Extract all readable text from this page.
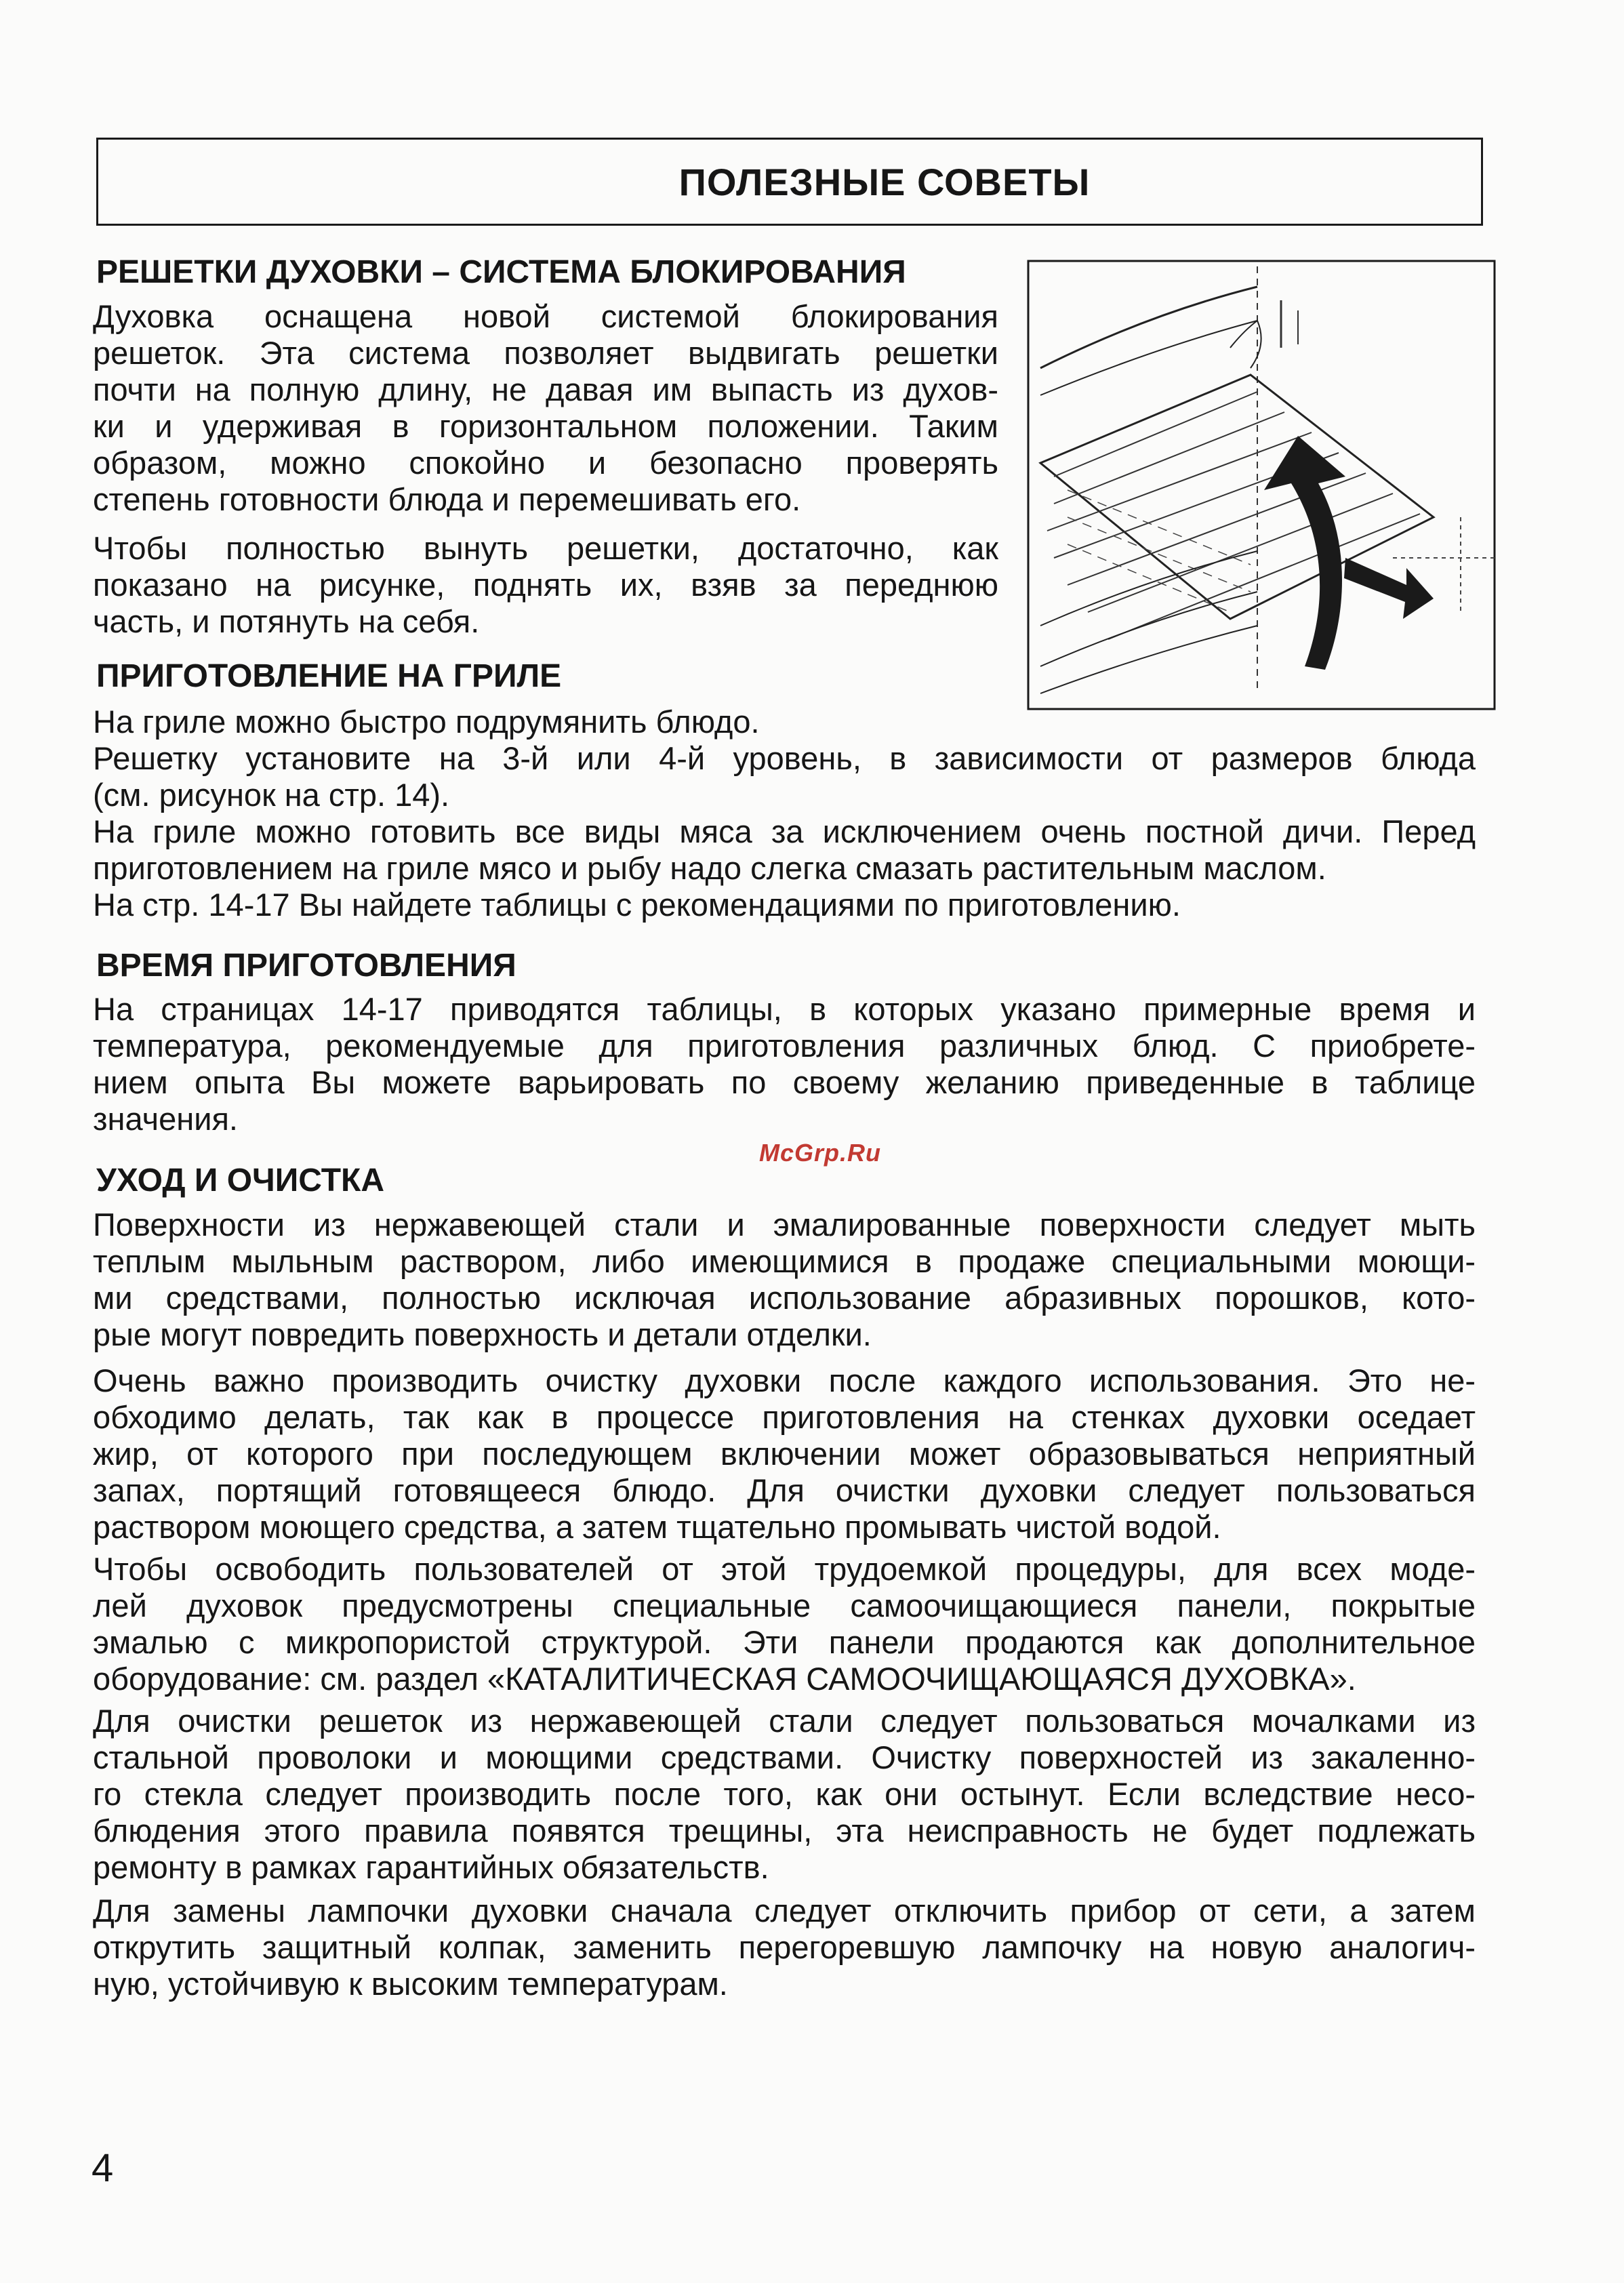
ПОЛЕЗНЫЕ СОВЕТЫ
РЕШЕТКИ ДУХОВКИ – СИСТЕМА БЛОКИРОВАНИЯ

Духовка оснащена новой системой блокирования
решеток. Эта система позволяет выдвигать решетки
почти на полную длину, не давая им выпасть из духов-
ки и удерживая в горизонтальном положении. Таким
образом, можно спокойно и безопасно проверять
степень готовности блюда и перемешивать его.

Чтобы полностью вынуть решетки, достаточно, как
показано на рисунке, поднять их, взяв за переднюю
часть, и потянуть на себя.

ПРИГОТОВЛЕНИЕ НА ГРИЛЕ

На гриле можно быстро подрумянить блюдо.

Решетку установите на 3-й или 4-й уровень, в зависимости от размеров блюда
(см. рисунок на стр. 14).

На гриле можно готовить все виды мяса за исключением очень постной дичи. Перед
приготовлением на гриле мясо и рыбу надо слегка смазать растительным маслом.

На стр. 14-17 Вы найдете таблицы с рекомендациями по приготовлению.

ВРЕМЯ ПРИГОТОВЛЕНИЯ

На страницах 14-17 приводятся таблицы, в которых указано примерные время и
температура, рекомендуемые для приготовления различных блюд. С приобрете-
нием опыта Вы можете варьировать по своему желанию приведенные в таблице
значения.

McGrp.Ru
УХОД И ОЧИСТКА

Поверхности из нержавеющей стали и эмалированные поверхности следует мыть
теплым мыльным раствором, либо имеющимися в продаже специальными моющи-
ми средствами, полностью исключая использование абразивных порошков, кото-
рые могут повредить поверхность и детали отделки.

Очень важно производить очистку духовки после каждого использования. Это не-
обходимо делать, так как в процессе приготовления на стенках духовки оседает
жир, от которого при последующем включении может образовываться неприятный
запах, портящий готовящееся блюдо. Для очистки духовки следует пользоваться
раствором моющего средства, а затем тщательно промывать чистой водой.

Чтобы освободить пользователей от этой трудоемкой процедуры, для всех моде-
лей духовок предусмотрены специальные самоочищающиеся панели, покрытые
эмалью с микропористой структурой. Эти панели продаются как дополнительное
оборудование: см. раздел «КАТАЛИТИЧЕСКАЯ САМООЧИЩАЮЩАЯСЯ ДУХОВКА».

Для очистки решеток из нержавеющей стали следует пользоваться мочалками из
стальной проволоки и моющими средствами. Очистку поверхностей из закаленно-
го стекла следует производить после того, как они остынут. Если вследствие несо-
блюдения этого правила появятся трещины, эта неисправность не будет подлежать
ремонту в рамках гарантийных обязательств.

Для замены лампочки духовки сначала следует отключить прибор от сети, а затем
открутить защитный колпак, заменить перегоревшую лампочку на новую аналогич-
ную, устойчивую к высоким температурам.

4
